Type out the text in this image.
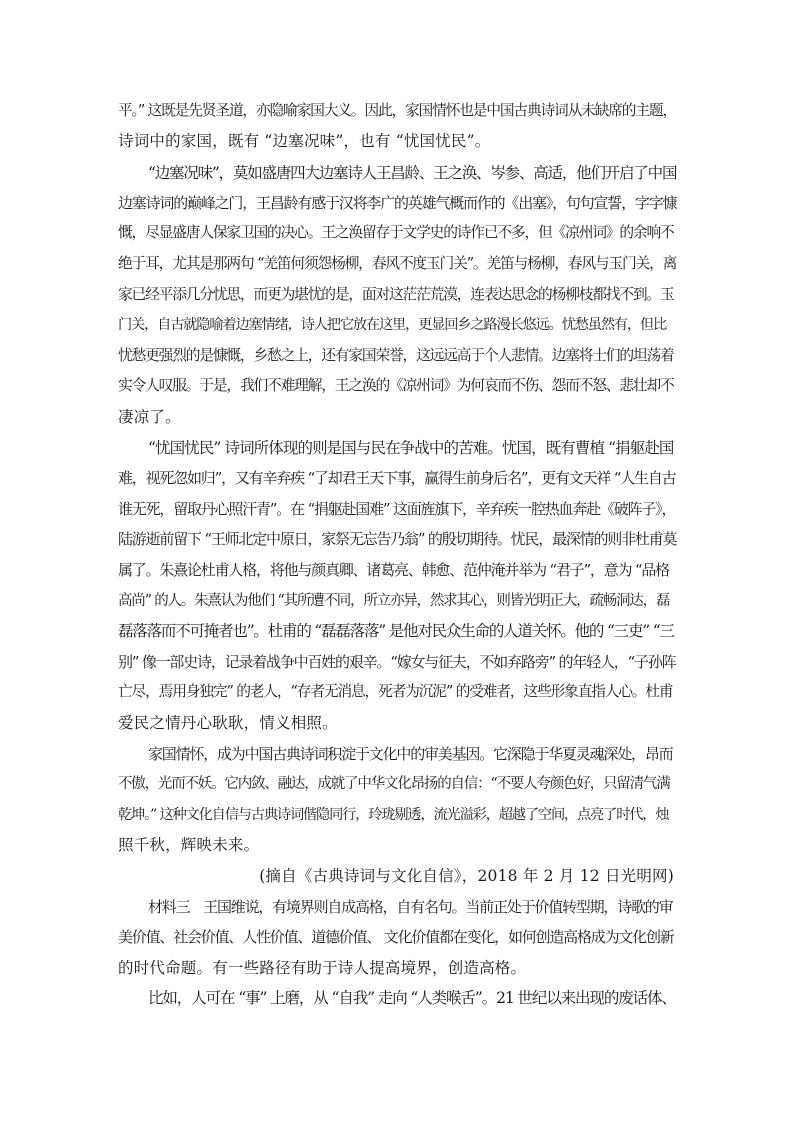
平。” 这既是先贤圣道，亦隐喻家国大义。因此，家国情怀也是中国古典诗词从未缺席的主题，
诗词中的家国，既有 “边塞况味”，也有 “忧国忧民”。
“边塞况味”，莫如盛唐四大边塞诗人王昌龄、王之涣、岑参、高适，他们开启了中国
边塞诗词的巅峰之门，王昌龄有感于汉将李广的英雄气概而作的《出塞》，句句宣誓，字字慷
慨，尽显盛唐人保家卫国的决心。王之涣留存于文学史的诗作已不多，但《凉州词》的余响不
绝于耳，尤其是那两句 “羌笛何须怨杨柳，春风不度玉门关”。羌笛与杨柳，春风与玉门关，离
家已经平添几分忧思，而更为堪忧的是，面对这茫茫荒漠，连表达思念的杨柳枝都找不到。玉
门关，自古就隐喻着边塞情绪，诗人把它放在这里，更显回乡之路漫长悠远。忧愁虽然有，但比
忧愁更强烈的是慷慨，乡愁之上，还有家国荣誉，这远远高于个人悲情。边塞将士们的坦荡着
实令人叹服。于是，我们不难理解，王之涣的《凉州词》为何哀而不伤、怨而不怒、悲壮却不
凄凉了。
“忧国忧民” 诗词所体现的则是国与民在争战中的苦难。忧国，既有曹植 “捐躯赴国
难，视死忽如归”，又有辛弃疾 “了却君王天下事，赢得生前身后名”，更有文天祥 “人生自古
谁无死，留取丹心照汗青”。在 “捐躯赴国难” 这面旌旗下，辛弃疾一腔热血奔赴《破阵子》，
陆游逝前留下 “王师北定中原日，家祭无忘告乃翁” 的殷切期待。忧民，最深情的则非杜甫莫
属了。朱熹论杜甫人格，将他与颜真卿、诸葛亮、韩愈、范仲淹并举为 “君子”，意为 “品格
高尚” 的人。朱熹认为他们 “其所遭不同，所立亦异，然求其心，则皆光明正大，疏畅洞达，磊
磊落落而不可掩者也”。杜甫的 “磊磊落落” 是他对民众生命的人道关怀。他的 “三吏” “三
别” 像一部史诗，记录着战争中百姓的艰辛。“嫁女与征夫，不如弃路旁” 的年轻人，“子孙阵
亡尽，焉用身独完” 的老人，“存者无消息，死者为沉泥” 的受难者，这些形象直指人心。杜甫
爱民之情丹心耿耿，情义相照。
家国情怀，成为中国古典诗词积淀于文化中的审美基因。它深隐于华夏灵魂深处，昂而
不傲，光而不妖。它内敛、融达，成就了中华文化昂扬的自信：“不要人夸颜色好，只留清气满
乾坤。” 这种文化自信与古典诗词偕隐同行，玲珑剔透，流光溢彩，超越了空间，点亮了时代，烛
照千秋，辉映未来。
(摘自《古典诗词与文化自信》，2018 年 2 月 12 日光明网)
材料三　王国维说，有境界则自成高格，自有名句。当前正处于价值转型期，诗歌的审
美价值、社会价值、人性价值、道德价值、 文化价值都在变化，如何创造高格成为文化创新
的时代命题。有一些路径有助于诗人提高境界，创造高格。
比如，人可在 “事” 上磨，从 “自我” 走向 “人类喉舌”。21 世纪以来出现的废话体、
